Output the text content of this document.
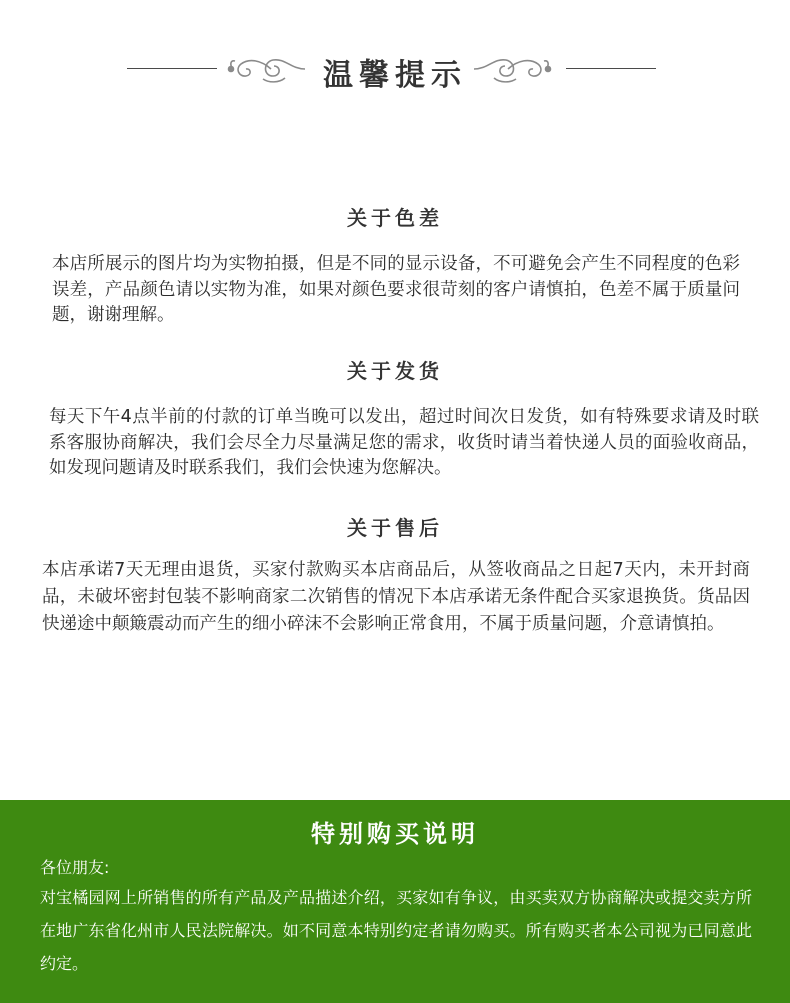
温馨提示
关于色差
本店所展示的图片均为实物拍摄，但是不同的显示设备，不可避免会产生不同程度的色彩误差，产品颜色请以实物为准，如果对颜色要求很苛刻的客户请慎拍，色差不属于质量问题，谢谢理解。
关于发货
每天下午4点半前的付款的订单当晚可以发出，超过时间次日发货，如有特殊要求请及时联系客服协商解决，我们会尽全力尽量满足您的需求，收货时请当着快递人员的面验收商品，如发现问题请及时联系我们，我们会快速为您解决。
关于售后
本店承诺7天无理由退货，买家付款购买本店商品后，从签收商品之日起7天内，未开封商品，未破坏密封包装不影响商家二次销售的情况下本店承诺无条件配合买家退换货。货品因快递途中颠簸震动而产生的细小碎沫不会影响正常食用，不属于质量问题，介意请慎拍。
特别购买说明
各位朋友:
对宝橘园网上所销售的所有产品及产品描述介绍，买家如有争议，由买卖双方协商解决或提交卖方所在地广东省化州市人民法院解决。如不同意本特别约定者请勿购买。所有购买者本公司视为已同意此约定。
